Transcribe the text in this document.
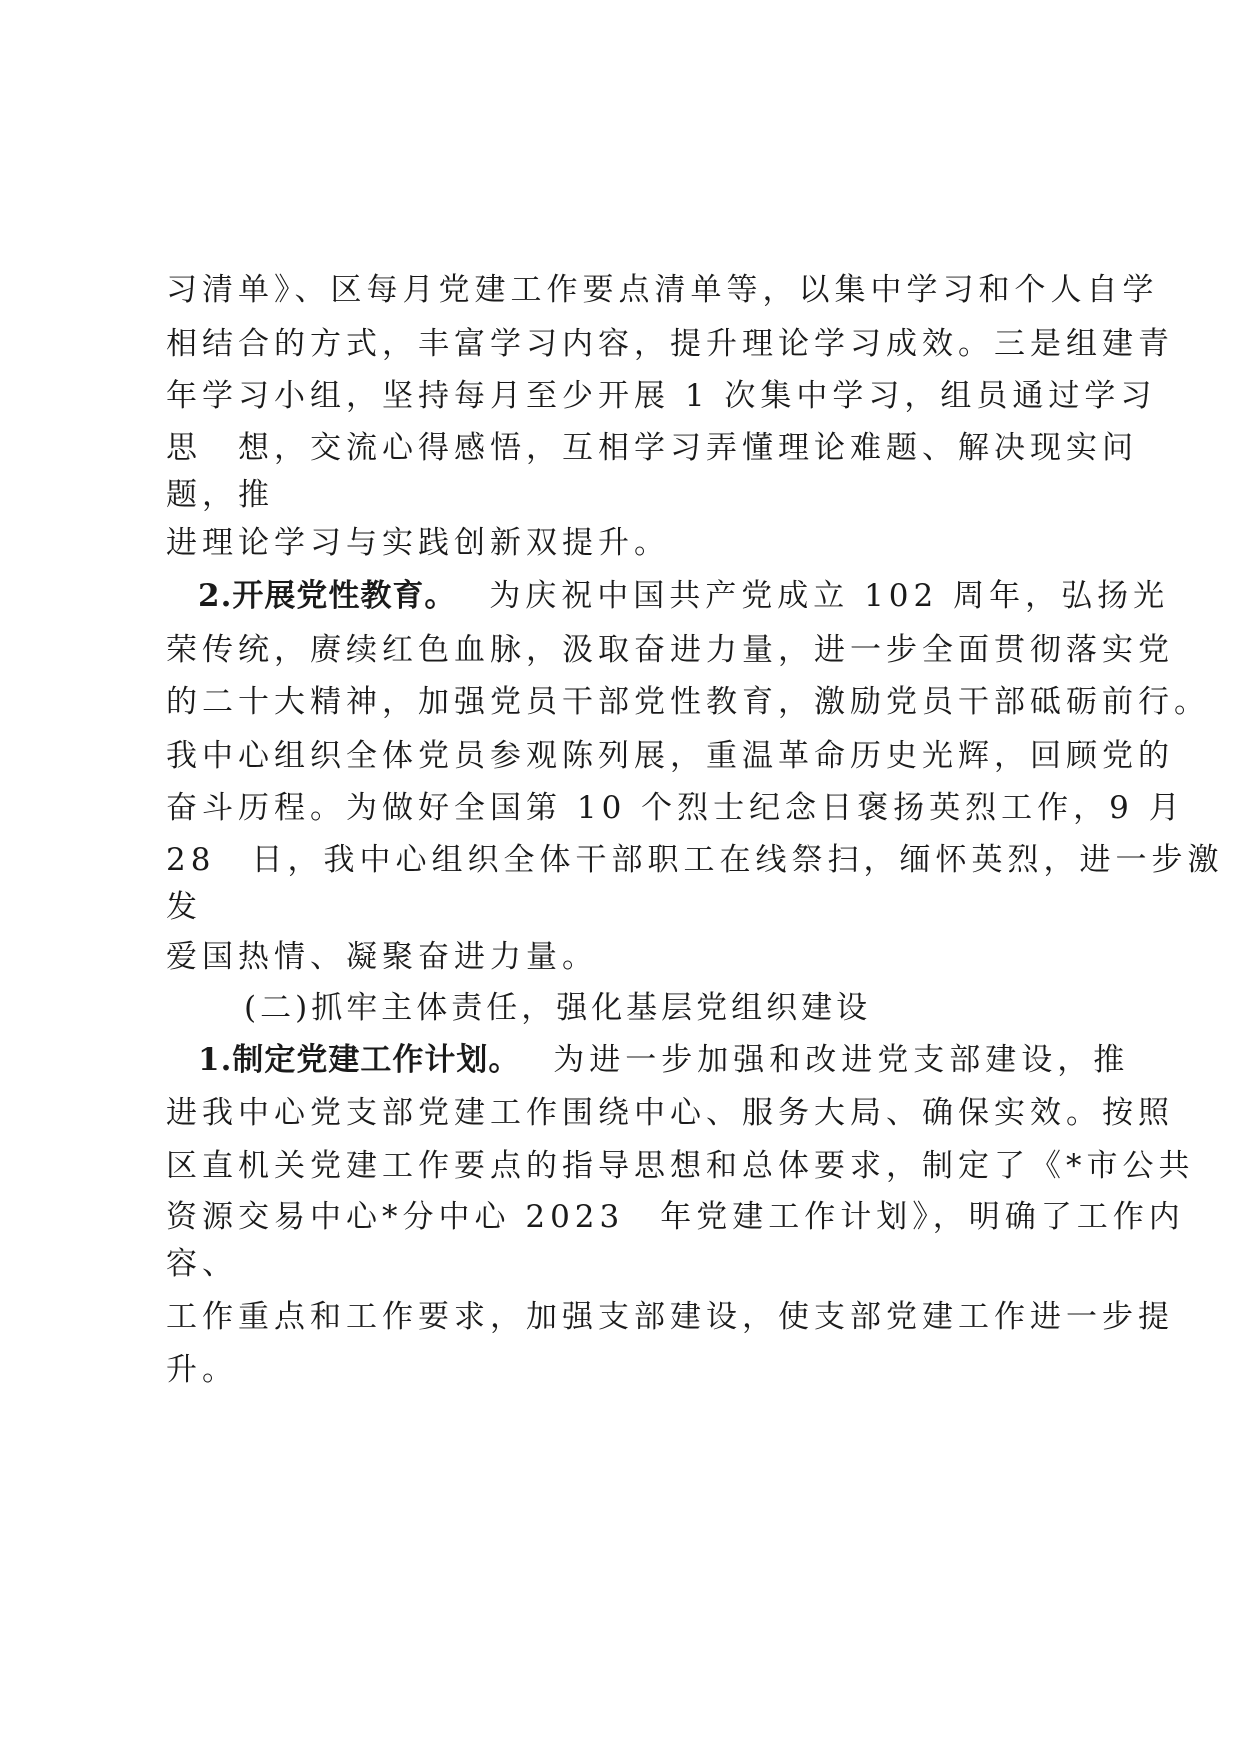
习清单》、区每月党建工作要点清单等，以集中学习和个人自学
相结合的方式，丰富学习内容，提升理论学习成效。三是组建青
年学习小组，坚持每月至少开展 1 次集中学习，组员通过学习
思　想，交流心得感悟，互相学习弄懂理论难题、解决现实问
题，推
进理论学习与实践创新双提升。
2.开展党性教育。 为庆祝中国共产党成立 102 周年，弘扬光
荣传统，赓续红色血脉，汲取奋进力量，进一步全面贯彻落实党
的二十大精神，加强党员干部党性教育，激励党员干部砥砺前行。
我中心组织全体党员参观陈列展，重温革命历史光辉，回顾党的
奋斗历程。为做好全国第 10 个烈士纪念日褒扬英烈工作，9 月
28　日，我中心组织全体干部职工在线祭扫，缅怀英烈，进一步激
发
爱国热情、凝聚奋进力量。
(二)抓牢主体责任，强化基层党组织建设
1.制定党建工作计划。 为进一步加强和改进党支部建设，推
进我中心党支部党建工作围绕中心、服务大局、确保实效。按照
区直机关党建工作要点的指导思想和总体要求，制定了《*市公共
资源交易中心*分中心 2023　年党建工作计划》，明确了工作内
容、
工作重点和工作要求，加强支部建设，使支部党建工作进一步提
升。
